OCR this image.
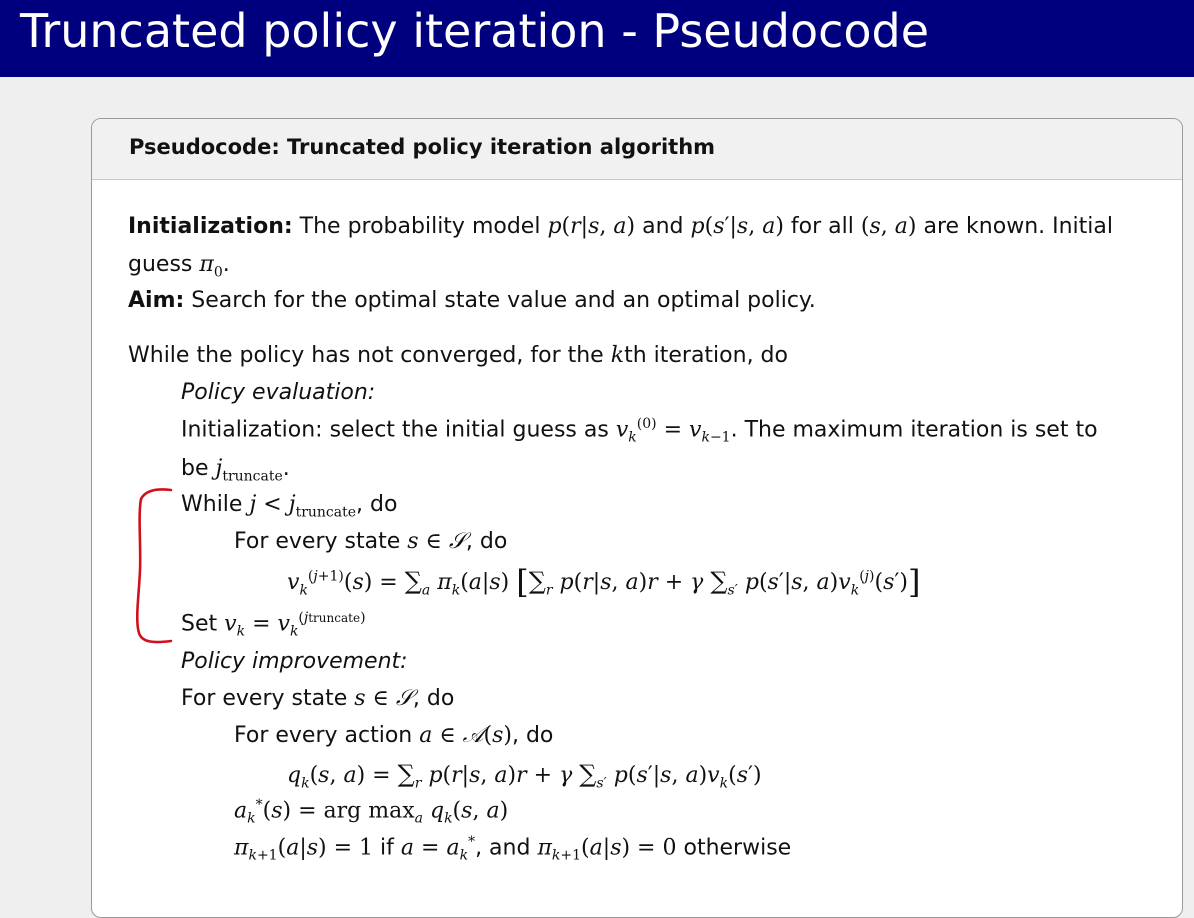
Truncated policy iteration - Pseudocode
Pseudocode: Truncated policy iteration algorithm
Initialization: The probability model p(r|s, a) and p(s′|s, a) for all (s, a) are known. Initial
guess $\pi_0$.
Aim: Search for the optimal state value and an optimal policy.
While the policy has not converged, for the kth iteration, do
Policy evaluation:
Initialization: select the initial guess as $v_k^{(0)} = v_{k-1}$. The maximum iteration is set to
be $j_{truncate}$.
While $j < j_{truncate}$, do
For every state s ∈ 𝒮, do
$v_k^{(j+1)}(s) = \sum_a$ $\pi_k(a|s)$ [$\sum_r$ p(r|s, a)r + γ $\sum_{s'}$ p(s′|s, $a)v_k^{(j)}(s')$]
Set $v_k = v_k^{(jtruncate)}$
Policy improvement:
For every state s ∈ 𝒮, do
For every action a ∈ 𝒜(s), do
$q_k(s$, $a) = \sum_r$ p(r|s, a)r + γ $\sum_{s'}$ p(s′|s, $a)v_k(s')$
$a_k^*(s)$ = arg $\max_a q_k(s$, a)
$\pi_{k+1}(a|s) = 1$ if $a = a_k^*$, and $\pi_{k+1}(a|s) = 0$ otherwise
